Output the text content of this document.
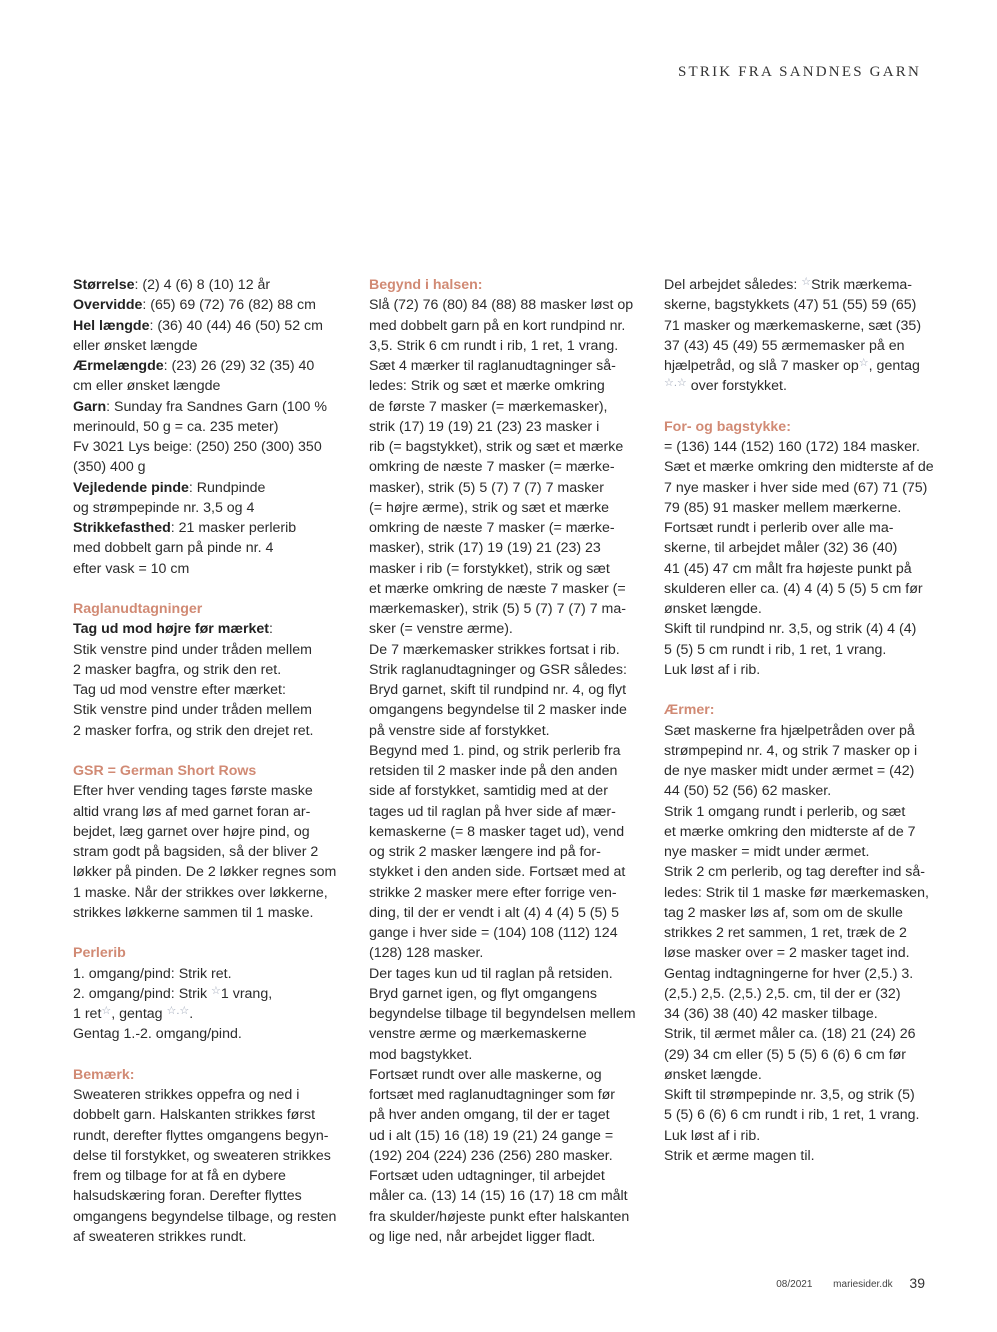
STRIK FRA SANDNES GARN
Størrelse: (2) 4 (6) 8 (10) 12 år
Overvidde: (65) 69 (72) 76 (82) 88 cm
Hel længde: (36) 40 (44) 46 (50) 52 cm
eller ønsket længde
Ærmelængde: (23) 26 (29) 32 (35) 40
cm eller ønsket længde
Garn: Sunday fra Sandnes Garn (100 %
merinould, 50 g = ca. 235 meter)
Fv 3021 Lys beige: (250) 250 (300) 350
(350) 400 g
Vejledende pinde: Rundpinde
og strømpepinde nr. 3,5 og 4
Strikkefasthed: 21 masker perlerib
med dobbelt garn på pinde nr. 4
efter vask = 10 cm
Raglanudtagninger
Tag ud mod højre før mærket:
Stik venstre pind under tråden mellem
2 masker bagfra, og strik den ret.
Tag ud mod venstre efter mærket:
Stik venstre pind under tråden mellem
2 masker forfra, og strik den drejet ret.
GSR = German Short Rows
Efter hver vending tages første maske
altid vrang løs af med garnet foran ar-
bejdet, læg garnet over højre pind, og
stram godt på bagsiden, så der bliver 2
løkker på pinden. De 2 løkker regnes som
1 maske. Når der strikkes over løkkerne,
strikkes løkkerne sammen til 1 maske.
Perlerib
1. omgang/pind: Strik ret.
2. omgang/pind: Strik ☆1 vrang,
1 ret☆, gentag ☆.☆.
Gentag 1.-2. omgang/pind.
Bemærk:
Sweateren strikkes oppefra og ned i
dobbelt garn. Halskanten strikkes først
rundt, derefter flyttes omgangens begyn-
delse til forstykket, og sweateren strikkes
frem og tilbage for at få en dybere
halsudskæring foran. Derefter flyttes
omgangens begyndelse tilbage, og resten
af sweateren strikkes rundt.
Begynd i halsen:
Slå (72) 76 (80) 84 (88) 88 masker løst op
med dobbelt garn på en kort rundpind nr.
3,5. Strik 6 cm rundt i rib, 1 ret, 1 vrang.
Sæt 4 mærker til raglanudtagninger så-
ledes: Strik og sæt et mærke omkring
de første 7 masker (= mærkemasker),
strik (17) 19 (19) 21 (23) 23 masker i
rib (= bagstykket), strik og sæt et mærke
omkring de næste 7 masker (= mærke-
masker), strik (5) 5 (7) 7 (7) 7 masker
(= højre ærme), strik og sæt et mærke
omkring de næste 7 masker (= mærke-
masker), strik (17) 19 (19) 21 (23) 23
masker i rib (= forstykket), strik og sæt
et mærke omkring de næste 7 masker (=
mærkemasker), strik (5) 5 (7) 7 (7) 7 ma-
sker (= venstre ærme).
De 7 mærkemasker strikkes fortsat i rib.
Strik raglanudtagninger og GSR således:
Bryd garnet, skift til rundpind nr. 4, og flyt
omgangens begyndelse til 2 masker inde
på venstre side af forstykket.
Begynd med 1. pind, og strik perlerib fra
retsiden til 2 masker inde på den anden
side af forstykket, samtidig med at der
tages ud til raglan på hver side af mær-
kemaskerne (= 8 masker taget ud), vend
og strik 2 masker længere ind på for-
stykket i den anden side. Fortsæt med at
strikke 2 masker mere efter forrige ven-
ding, til der er vendt i alt (4) 4 (4) 5 (5) 5
gange i hver side = (104) 108 (112) 124
(128) 128 masker.
Der tages kun ud til raglan på retsiden.
Bryd garnet igen, og flyt omgangens
begyndelse tilbage til begyndelsen mellem
venstre ærme og mærkemaskerne
mod bagstykket.
Fortsæt rundt over alle maskerne, og
fortsæt med raglanudtagninger som før
på hver anden omgang, til der er taget
ud i alt (15) 16 (18) 19 (21) 24 gange =
(192) 204 (224) 236 (256) 280 masker.
Fortsæt uden udtagninger, til arbejdet
måler ca. (13) 14 (15) 16 (17) 18 cm målt
fra skulder/højeste punkt efter halskanten
og lige ned, når arbejdet ligger fladt.
Del arbejdet således: ☆Strik mærkema-
skerne, bagstykkets (47) 51 (55) 59 (65)
71 masker og mærkemaskerne, sæt (35)
37 (43) 45 (49) 55 ærmemasker på en
hjælpetråd, og slå 7 masker op☆, gentag
☆.☆ over forstykket.
For- og bagstykke:
= (136) 144 (152) 160 (172) 184 masker.
Sæt et mærke omkring den midterste af de
7 nye masker i hver side med (67) 71 (75)
79 (85) 91 masker mellem mærkerne.
Fortsæt rundt i perlerib over alle ma-
skerne, til arbejdet måler (32) 36 (40)
41 (45) 47 cm målt fra højeste punkt på
skulderen eller ca. (4) 4 (4) 5 (5) 5 cm før
ønsket længde.
Skift til rundpind nr. 3,5, og strik (4) 4 (4)
5 (5) 5 cm rundt i rib, 1 ret, 1 vrang.
Luk løst af i rib.
Ærmer:
Sæt maskerne fra hjælpetråden over på
strømpepind nr. 4, og strik 7 masker op i
de nye masker midt under ærmet = (42)
44 (50) 52 (56) 62 masker.
Strik 1 omgang rundt i perlerib, og sæt
et mærke omkring den midterste af de 7
nye masker = midt under ærmet.
Strik 2 cm perlerib, og tag derefter ind så-
ledes: Strik til 1 maske før mærkemasken,
tag 2 masker løs af, som om de skulle
strikkes 2 ret sammen, 1 ret, træk de 2
løse masker over = 2 masker taget ind.
Gentag indtagningerne for hver (2,5.) 3.
(2,5.) 2,5. (2,5.) 2,5. cm, til der er (32)
34 (36) 38 (40) 42 masker tilbage.
Strik, til ærmet måler ca. (18) 21 (24) 26
(29) 34 cm eller (5) 5 (5) 6 (6) 6 cm før
ønsket længde.
Skift til strømpepinde nr. 3,5, og strik (5)
5 (5) 6 (6) 6 cm rundt i rib, 1 ret, 1 vrang.
Luk løst af i rib.
Strik et ærme magen til.
08/2021 mariesider.dk 39
